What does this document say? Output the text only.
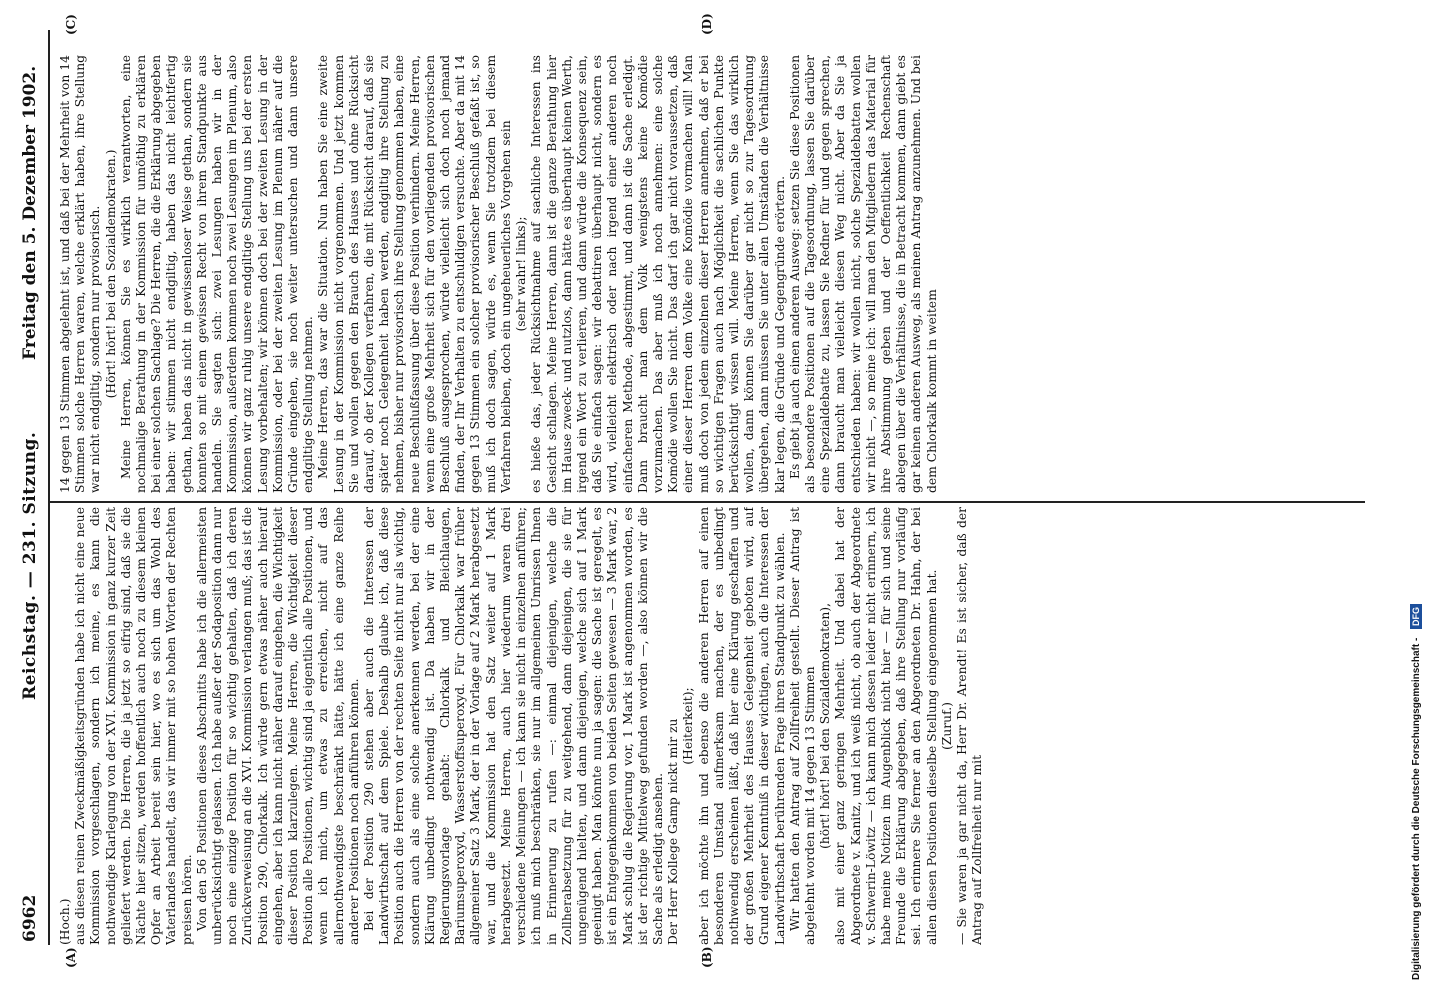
6962
Reichstag. — 231. Sitzung.
Freitag den 5. Dezember 1902.
(A)	(B)
(C)	(D)

(Hoch.) aus diesen reinen Zweckmäßigkeitsgründen habe ich nicht eine neue Kommission vorgeschlagen, sondern ich meine, es kann die nothwendige Klarlegung von der XVI. Kommission in ganz kurzer Zeit geliefert werden. Die Herren, die ja jetzt so eifrig sind, daß sie die Nächte hier sitzen, werden hoffentlich auch noch zu diesem kleinen Opfer an Arbeit bereit sein hier, wo es sich um das Wohl des Vaterlandes handelt, das wir immer mit so hohen Worten der Rechten preisen hören. Von den 56 Positionen dieses Abschnitts habe ich die allermeisten unberücksichtigt gelassen. Ich habe außer der Sodaposition dann nur noch eine einzige Position für so wichtig gehalten, daß ich deren Zurückverweisung an die XVI. Kommission verlangen muß; das ist die Position 290, Chlorkalk. Ich würde gern etwas näher auch hierauf eingehen, aber ich kann nicht näher darauf eingehen, die Wichtigkeit dieser Position klarzulegen. Meine Herren, die Wichtigkeit dieser Position alle Positionen, wichtig sind ja eigentlich alle Positionen, und wenn ich mich, um etwas zu erreichen, nicht auf das allernothwendigste beschränkt hätte, hätte ich eine ganze Reihe anderer Positionen noch anführen können. Bei der Position 290 stehen aber auch die Interessen der Landwirthschaft auf dem Spiele. Deshalb glaube ich, daß diese Position auch die Herren von der rechten Seite nicht nur als wichtig, sondern auch als eine solche anerkennen werden, bei der eine Klärung unbedingt nothwendig ist. Da haben wir in der Regierungsvorlage gehabt: Chlorkalk und Bleichlaugen, Bariumsuperoxyd, Wasserstoffsuperoxyd. Für Chlorkalk war früher allgemeiner Satz 3 Mark, der in der Vorlage auf 2 Mark herabgesetzt war, und die Kommission hat den Satz weiter auf 1 Mark herabgesetzt. Meine Herren, auch hier wiederum waren drei verschiedene Meinungen — ich kann sie nicht in einzelnen anführen; ich muß mich beschränken, sie nur im allgemeinen Umrissen Ihnen in Erinnerung zu rufen —: einmal diejenigen, welche die Zollherabsetzung für zu weitgehend, dann diejenigen, die sie für ungenügend hielten, und dann diejenigen, welche sich auf 1 Mark geeinigt haben. Man könnte nun ja sagen: die Sache ist geregelt, es ist ein Entgegenkommen von beiden Seiten gewesen — 3 Mark war, 2 Mark schlug die Regierung vor, 1 Mark ist angenommen worden, es ist der richtige Mittelweg gefunden worden —, also können wir die Sache als erledigt ansehen. Der Herr Kollege Gamp nickt mir zu (Heiterkeit); aber ich möchte ihn und ebenso die anderen Herren auf einen besonderen Umstand aufmerksam machen, der es unbedingt nothwendig erscheinen läßt, daß hier eine Klärung geschaffen und der großen Mehrheit des Hauses Gelegenheit geboten wird, auf Grund eigener Kenntniß in dieser wichtigen, auch die Interessen der Landwirthschaft berührenden Frage ihren Standpunkt zu wählen. Wir hatten den Antrag auf Zollfreiheit gestellt. Dieser Antrag ist abgelehnt worden mit 14 gegen 13 Stimmen (hört! hört! bei den Sozialdemokraten), also mit einer ganz geringen Mehrheit. Und dabei hat der Abgeordnete v. Kanitz, und ich weiß nicht, ob auch der Abgeordnete v. Schwerin-Löwitz — ich kann mich dessen leider nicht erinnern, ich habe meine Notizen im Augenblick nicht hier — für sich und seine Freunde die Erklärung abgegeben, daß ihre Stellung nur vorläufig sei. Ich erinnere Sie ferner an den Abgeordneten Dr. Hahn, der bei allen diesen Positionen dieselbe Stellung eingenommen hat. (Zuruf.) — Sie waren ja gar nicht da, Herr Dr. Arendt! Es ist sicher, daß der Antrag auf Zollfreiheit nur mit

14 gegen 13 Stimmen abgelehnt ist, und daß bei der Mehrheit von 14 Stimmen solche Herren waren, welche erklärt haben, ihre Stellung war nicht endgiltig, sondern nur provisorisch. (Hört! hört! bei den Sozialdemokraten.) Meine Herren, können Sie es wirklich verantworten, eine nochmalige Berathung in der Kommission für unnöthig zu erklären bei einer solchen Sachlage? Die Herren, die die Erklärung abgegeben haben: wir stimmen nicht endgiltig, haben das nicht leichtfertig gethan, haben das nicht in gewissenloser Weise gethan, sondern sie konnten so mit einem gewissen Recht von ihrem Standpunkte aus handeln. Sie sagten sich: zwei Lesungen haben wir in der Kommission, außerdem kommen noch zwei Lesungen im Plenum, also können wir ganz ruhig unsere endgiltige Stellung uns bei der ersten Lesung vorbehalten; wir können doch bei der zweiten Lesung in der Kommission, oder bei der zweiten Lesung im Plenum näher auf die Gründe eingehen, sie noch weiter untersuchen und dann unsere endgiltige Stellung nehmen. Meine Herren, das war die Situation. Nun haben Sie eine zweite Lesung in der Kommission nicht vorgenommen. Und jetzt kommen Sie und wollen gegen den Brauch des Hauses und ohne Rücksicht darauf, ob der Kollegen verfahren, die mit Rücksicht darauf, daß sie später noch Gelegenheit haben werden, endgiltig ihre Stellung zu nehmen, bisher nur provisorisch ihre Stellung genommen haben, eine neue Beschlußfassung über diese Position verhindern. Meine Herren, wenn eine große Mehrheit sich für den vorliegenden provisorischen Beschluß ausgesprochen, würde vielleicht sich doch noch jemand finden, der Ihr Verhalten zu entschuldigen versuchte. Aber da mit 14 gegen 13 Stimmen ein solcher provisorischer Beschluß gefaßt ist, so muß ich doch sagen, würde es, wenn Sie trotzdem bei diesem Verfahren bleiben, doch ein ungeheuerliches Vorgehen sein (sehr wahr! links); es hieße das, jeder Rücksichtnahme auf sachliche Interessen ins Gesicht schlagen. Meine Herren, dann ist die ganze Berathung hier im Hause zweck- und nutzlos, dann hätte es überhaupt keinen Werth, irgend ein Wort zu verlieren, und dann würde die Konsequenz sein, daß Sie einfach sagen: wir debattiren überhaupt nicht, sondern es wird, vielleicht elektrisch oder nach irgend einer anderen noch einfacheren Methode, abgestimmt, und dann ist die Sache erledigt. Dann braucht man dem Volk wenigstens keine Komödie vorzumachen. Das aber muß ich noch annehmen: eine solche Komödie wollen Sie nicht. Das darf ich gar nicht voraussetzen, daß einer dieser Herren dem Volke eine Komödie vormachen will! Man muß doch von jedem einzelnen dieser Herren annehmen, daß er bei so wichtigen Fragen auch nach Möglichkeit die sachlichen Punkte berücksichtigt wissen will. Meine Herren, wenn Sie das wirklich wollen, dann können Sie darüber gar nicht so zur Tagesordnung übergehen, dann müssen Sie unter allen Umständen die Verhältnisse klar legen, die Gründe und Gegengründe erörtern. Es giebt ja auch einen anderen Ausweg: setzen Sie diese Positionen als besondere Positionen auf die Tagesordnung, lassen Sie darüber eine Spezialdebatte zu, lassen Sie Redner für und gegen sprechen, dann braucht man vielleicht diesen Weg nicht. Aber da Sie ja entschieden haben: wir wollen nicht, solche Spezialdebatten wollen wir nicht —, so meine ich: will man den Mitgliedern das Material für ihre Abstimmung geben und der Oeffentlichkeit Rechenschaft ablegen über die Verhältnisse, die in Betracht kommen, dann giebt es gar keinen anderen Ausweg, als meinen Antrag anzunehmen. Und bei dem Chlorkalk kommt in weitem

Digitalisierung gefördert durch die Deutsche Forschungsgemeinschaft - DFG
